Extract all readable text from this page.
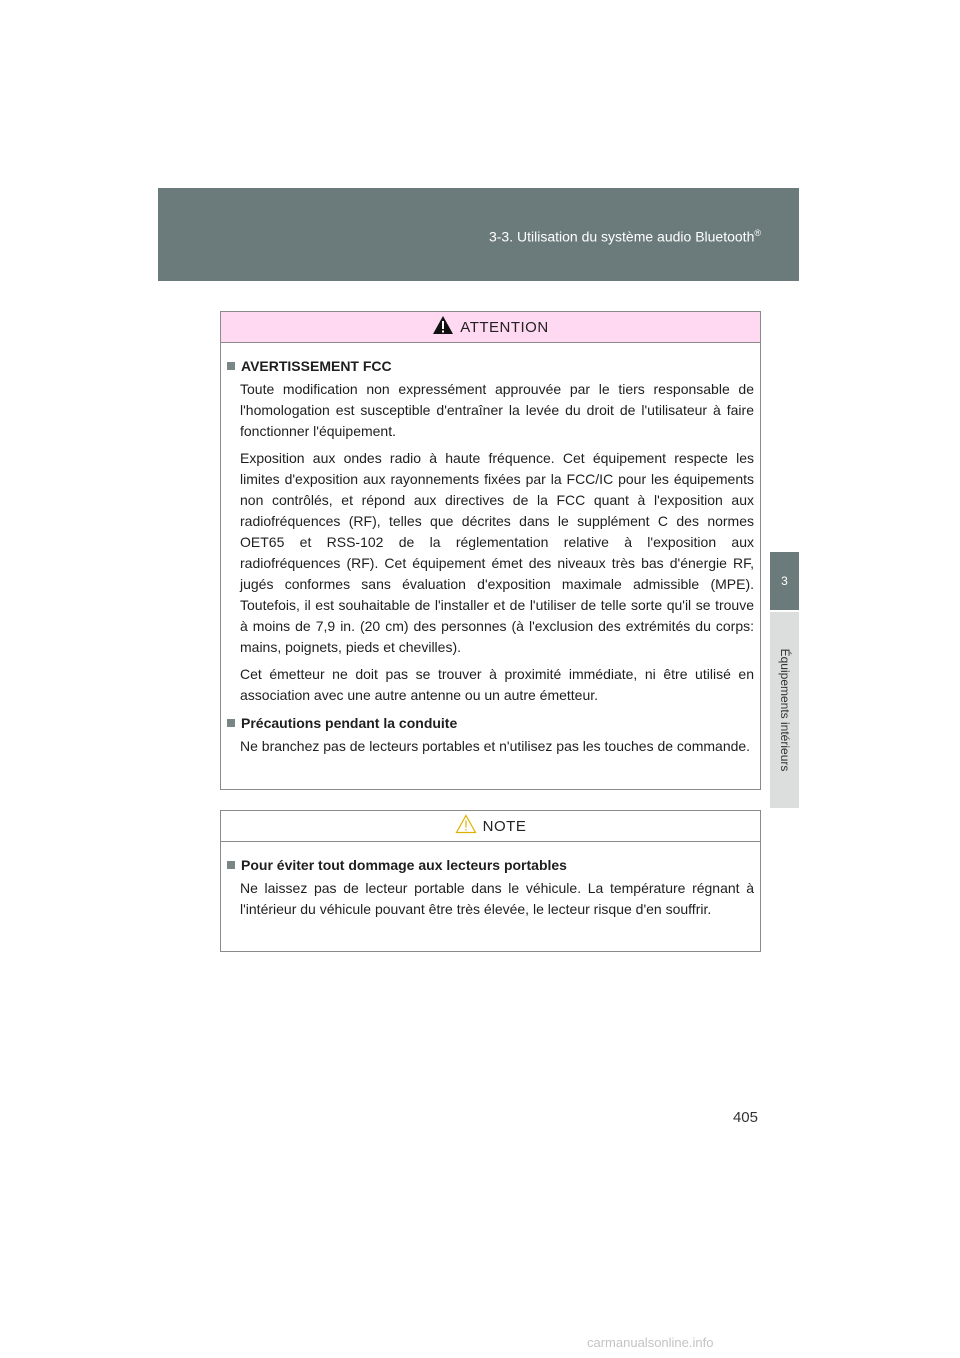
3-3. Utilisation du système audio Bluetooth®
3
Équipements intérieurs
ATTENTION

AVERTISSEMENT FCC

Toute modification non expressément approuvée par le tiers responsable de l'homologation est susceptible d'entraîner la levée du droit de l'utilisateur à faire fonctionner l'équipement.

Exposition aux ondes radio à haute fréquence. Cet équipement respecte les limites d'exposition aux rayonnements fixées par la FCC/IC pour les équipements non contrôlés, et répond aux directives de la FCC quant à l'exposition aux radiofréquences (RF), telles que décrites dans le supplément C des normes OET65 et RSS-102 de la réglementation relative à l'exposition aux radiofréquences (RF). Cet équipement émet des niveaux très bas d'énergie RF, jugés conformes sans évaluation d'exposition maximale admissible (MPE). Toutefois, il est souhaitable de l'installer et de l'utiliser de telle sorte qu'il se trouve à moins de 7,9 in. (20 cm) des personnes (à l'exclusion des extrémités du corps: mains, poignets, pieds et chevilles).

Cet émetteur ne doit pas se trouver à proximité immédiate, ni être utilisé en association avec une autre antenne ou un autre émetteur.

Précautions pendant la conduite

Ne branchez pas de lecteurs portables et n'utilisez pas les touches de commande.

NOTE

Pour éviter tout dommage aux lecteurs portables

Ne laissez pas de lecteur portable dans le véhicule. La température régnant à l'intérieur du véhicule pouvant être très élevée, le lecteur risque d'en souffrir.

405
carmanualsonline.info
